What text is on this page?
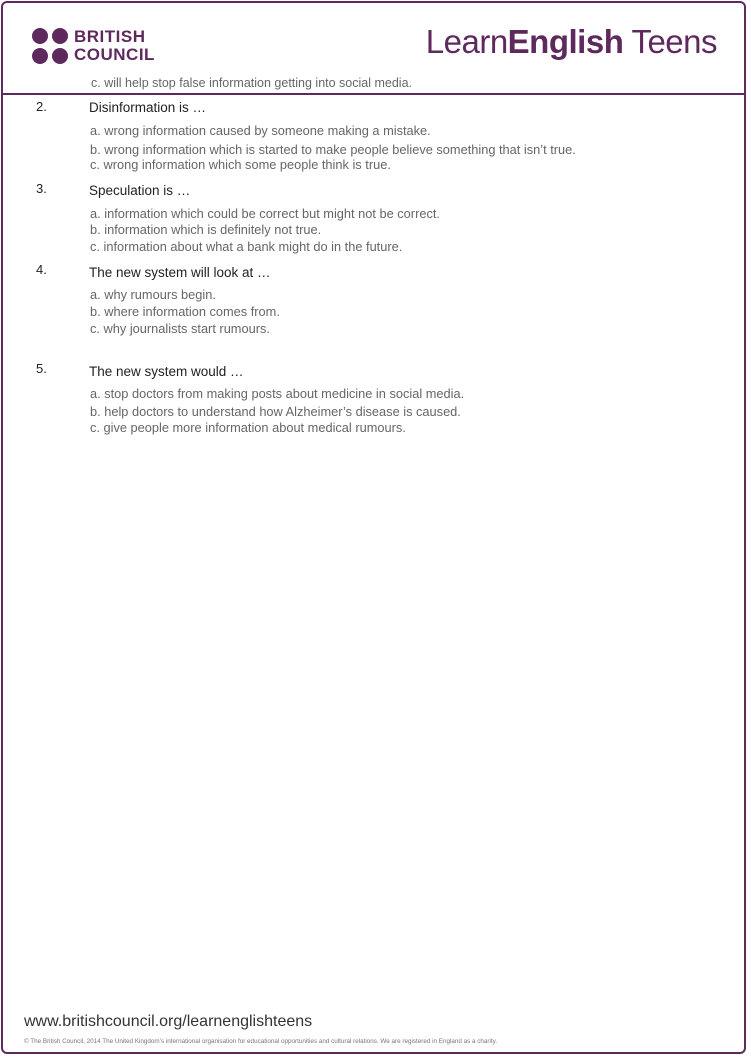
BRITISH
COUNCIL	LearnEnglish Teens
c. will help stop false information getting into social media.
2.	Disinformation is …
a. wrong information caused by someone making a mistake.
b. wrong information which is started to make people believe something that isn’t true.
c. wrong information which some people think is true.
3.	Speculation is …
a. information which could be correct but might not be correct.
b. information which is definitely not true.
c. information about what a bank might do in the future.
4.	The new system will look at …
a. why rumours begin.
b. where information comes from.
c. why journalists start rumours.
5.	The new system would …
a. stop doctors from making posts about medicine in social media.
b. help doctors to understand how Alzheimer’s disease is caused.
c. give people more information about medical rumours.
www.britishcouncil.org/learnenglishteens
© The British Council, 2014 The United Kingdom’s international organisation for educational opportunities and cultural relations. We are registered in England as a charity.
